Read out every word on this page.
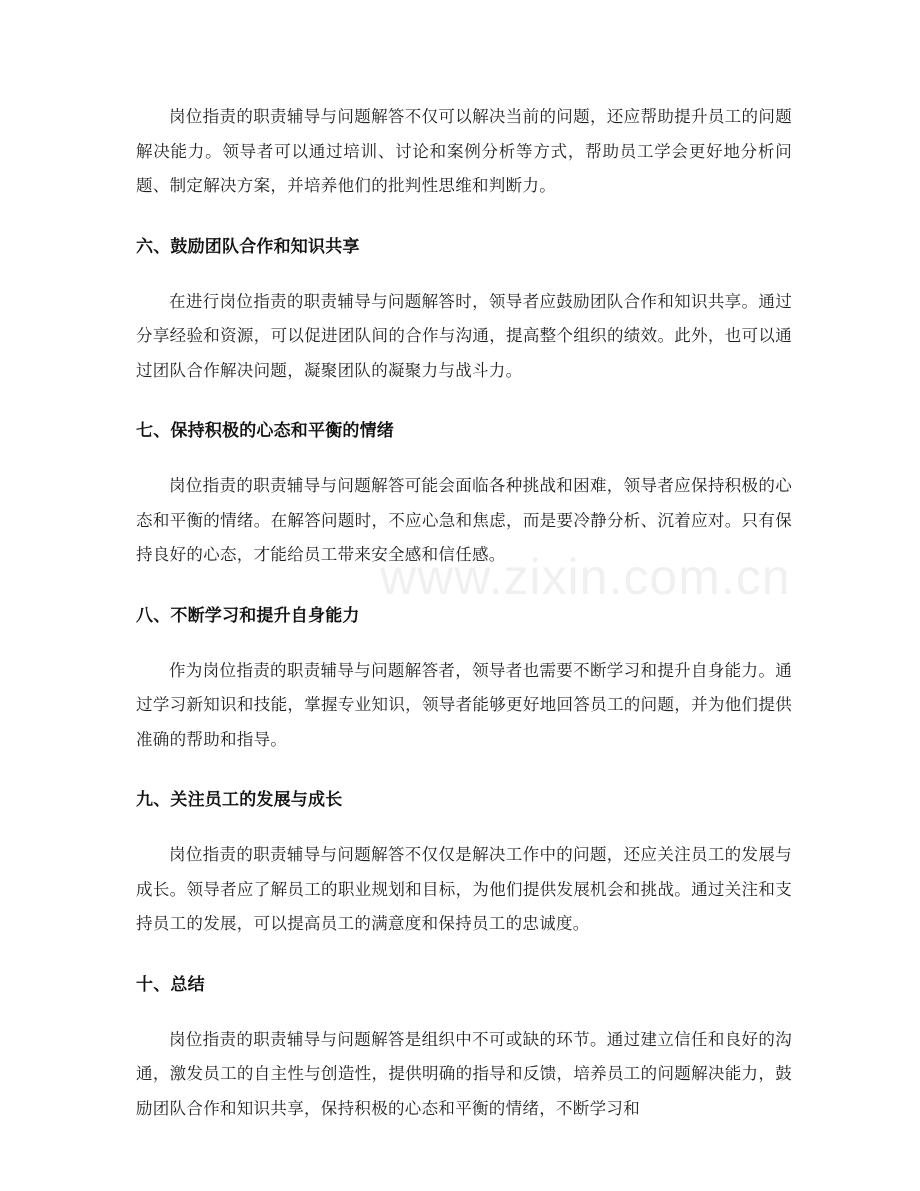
岗位指责的职责辅导与问题解答不仅可以解决当前的问题，还应帮助提升员工的问题解决能力。领导者可以通过培训、讨论和案例分析等方式，帮助员工学会更好地分析问题、制定解决方案，并培养他们的批判性思维和判断力。

六、鼓励团队合作和知识共享

在进行岗位指责的职责辅导与问题解答时，领导者应鼓励团队合作和知识共享。通过分享经验和资源，可以促进团队间的合作与沟通，提高整个组织的绩效。此外，也可以通过团队合作解决问题，凝聚团队的凝聚力与战斗力。

七、保持积极的心态和平衡的情绪

岗位指责的职责辅导与问题解答可能会面临各种挑战和困难，领导者应保持积极的心态和平衡的情绪。在解答问题时，不应心急和焦虑，而是要冷静分析、沉着应对。只有保持良好的心态，才能给员工带来安全感和信任感。

八、不断学习和提升自身能力

作为岗位指责的职责辅导与问题解答者，领导者也需要不断学习和提升自身能力。通过学习新知识和技能，掌握专业知识，领导者能够更好地回答员工的问题，并为他们提供准确的帮助和指导。

九、关注员工的发展与成长

岗位指责的职责辅导与问题解答不仅仅是解决工作中的问题，还应关注员工的发展与成长。领导者应了解员工的职业规划和目标，为他们提供发展机会和挑战。通过关注和支持员工的发展，可以提高员工的满意度和保持员工的忠诚度。

十、总结

岗位指责的职责辅导与问题解答是组织中不可或缺的环节。通过建立信任和良好的沟通，激发员工的自主性与创造性，提供明确的指导和反馈，培养员工的问题解决能力，鼓励团队合作和知识共享，保持积极的心态和平衡的情绪，不断学习和

www.zixin.com.cn
